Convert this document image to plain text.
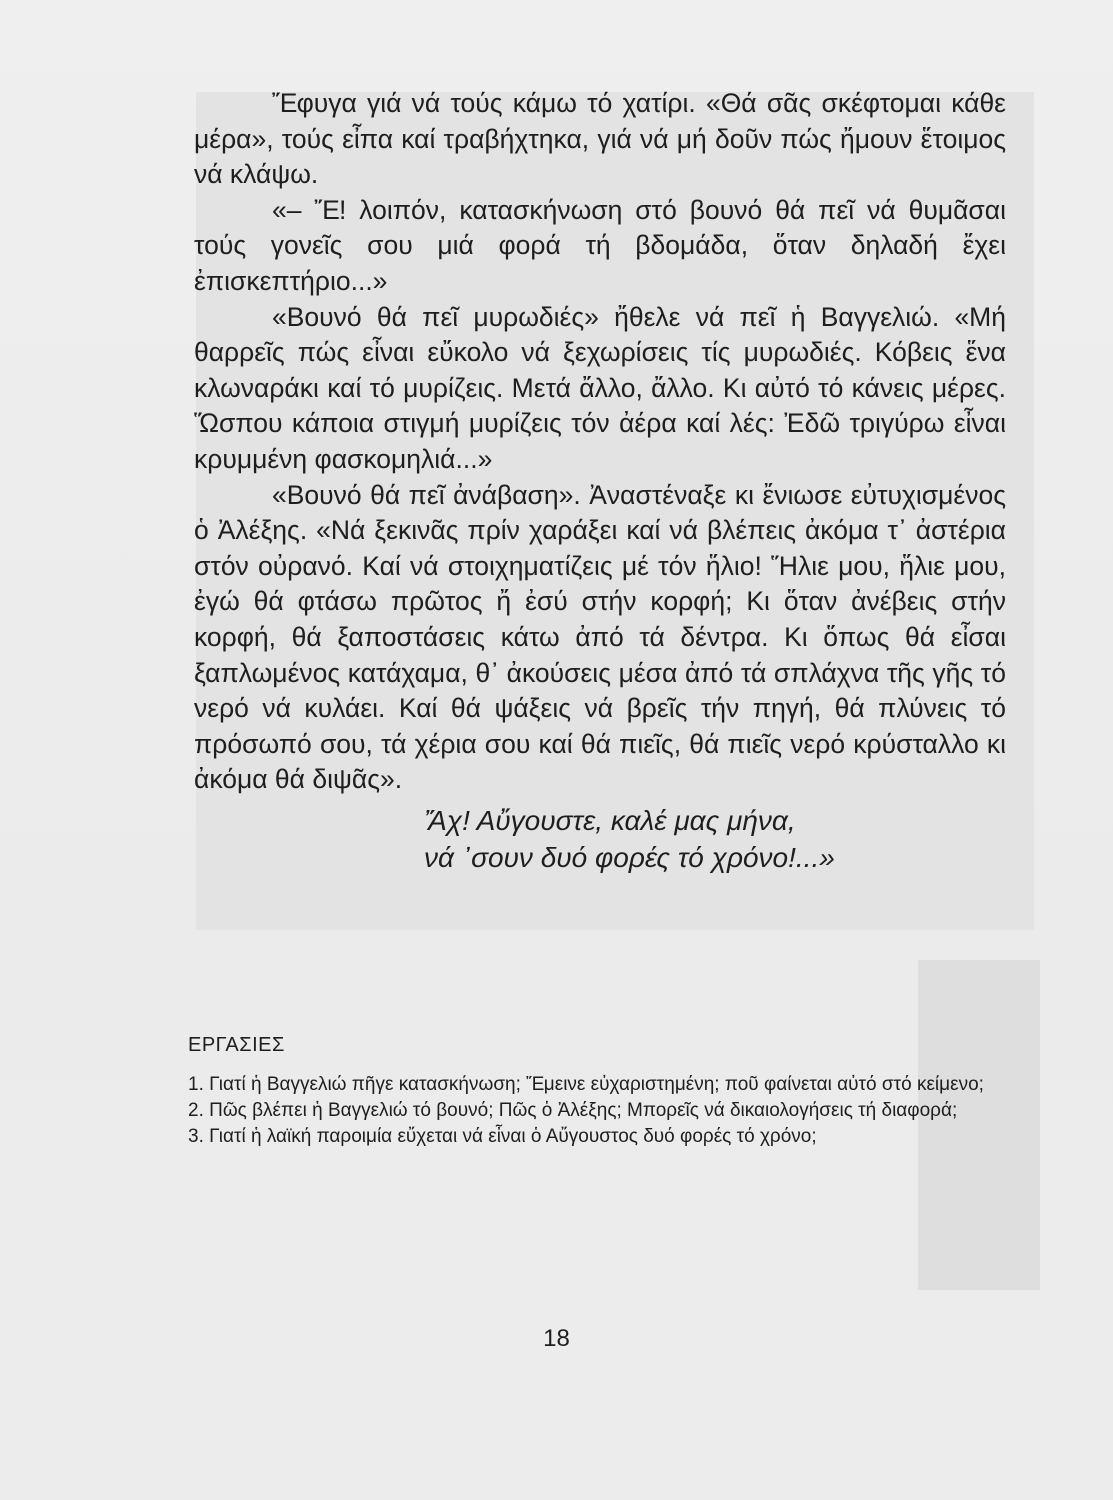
Ἔφυγα γιά νά τούς κάμω τό χατίρι. «Θά σᾶς σκέφτομαι κάθε μέρα», τούς εἶπα καί τραβήχτηκα, γιά νά μή δοῦν πώς ἤμουν ἕτοιμος νά κλάψω.

«– Ἔ! λοιπόν, κατασκήνωση στό βουνό θά πεῖ νά θυμᾶσαι τούς γονεῖς σου μιά φορά τή βδομάδα, ὅταν δηλαδή ἔχει ἐπισκεπτήριο...»

«Βουνό θά πεῖ μυρωδιές» ἤθελε νά πεῖ ἡ Βαγγελιώ. «Μή θαρρεῖς πώς εἶναι εὔκολο νά ξεχωρίσεις τίς μυρωδιές. Κόβεις ἕνα κλωναράκι καί τό μυρίζεις. Μετά ἄλλο, ἄλλο. Κι αὐτό τό κάνεις μέρες. Ὥσπου κάποια στιγμή μυρίζεις τόν ἀέρα καί λές: Ἐδῶ τριγύρω εἶναι κρυμμένη φασκομηλιά...»

«Βουνό θά πεῖ ἀνάβαση». Ἀναστέναξε κι ἔνιωσε εὐτυχισμένος ὁ Ἀλέξης. «Νά ξεκινᾶς πρίν χαράξει καί νά βλέπεις ἀκόμα τ᾽ ἀστέρια στόν οὐρανό. Καί νά στοιχηματίζεις μέ τόν ἥλιο! Ἥλιε μου, ἥλιε μου, ἐγώ θά φτάσω πρῶτος ἤ ἐσύ στήν κορφή; Κι ὅταν ἀνέβεις στήν κορφή, θά ξαποστάσεις κάτω ἀπό τά δέντρα. Κι ὅπως θά εἶσαι ξαπλωμένος κατάχαμα, θ᾽ ἀκούσεις μέσα ἀπό τά σπλάχνα τῆς γῆς τό νερό νά κυλάει. Καί θά ψάξεις νά βρεῖς τήν πηγή, θά πλύνεις τό πρόσωπό σου, τά χέρια σου καί θά πιεῖς, θά πιεῖς νερό κρύσταλλο κι ἀκόμα θά διψᾶς».

Ἄχ! Αὔγουστε, καλέ μας μήνα,
νά ᾽σουν δυό φορές τό χρόνο!...»
ΕΡΓΑΣΙΕΣ

1. Γιατί ἡ Βαγγελιώ πῆγε κατασκήνωση; Ἔμεινε εὐχαριστημένη; ποῦ φαίνεται αὐτό στό κείμενο;

2. Πῶς βλέπει ἡ Βαγγελιώ τό βουνό; Πῶς ὁ Ἀλέξης; Μπορεῖς νά δικαιολογήσεις τή διαφορά;

3. Γιατί ἡ λαϊκή παροιμία εὔχεται νά εἶναι ὁ Αὔγουστος δυό φορές τό χρόνο;

18
